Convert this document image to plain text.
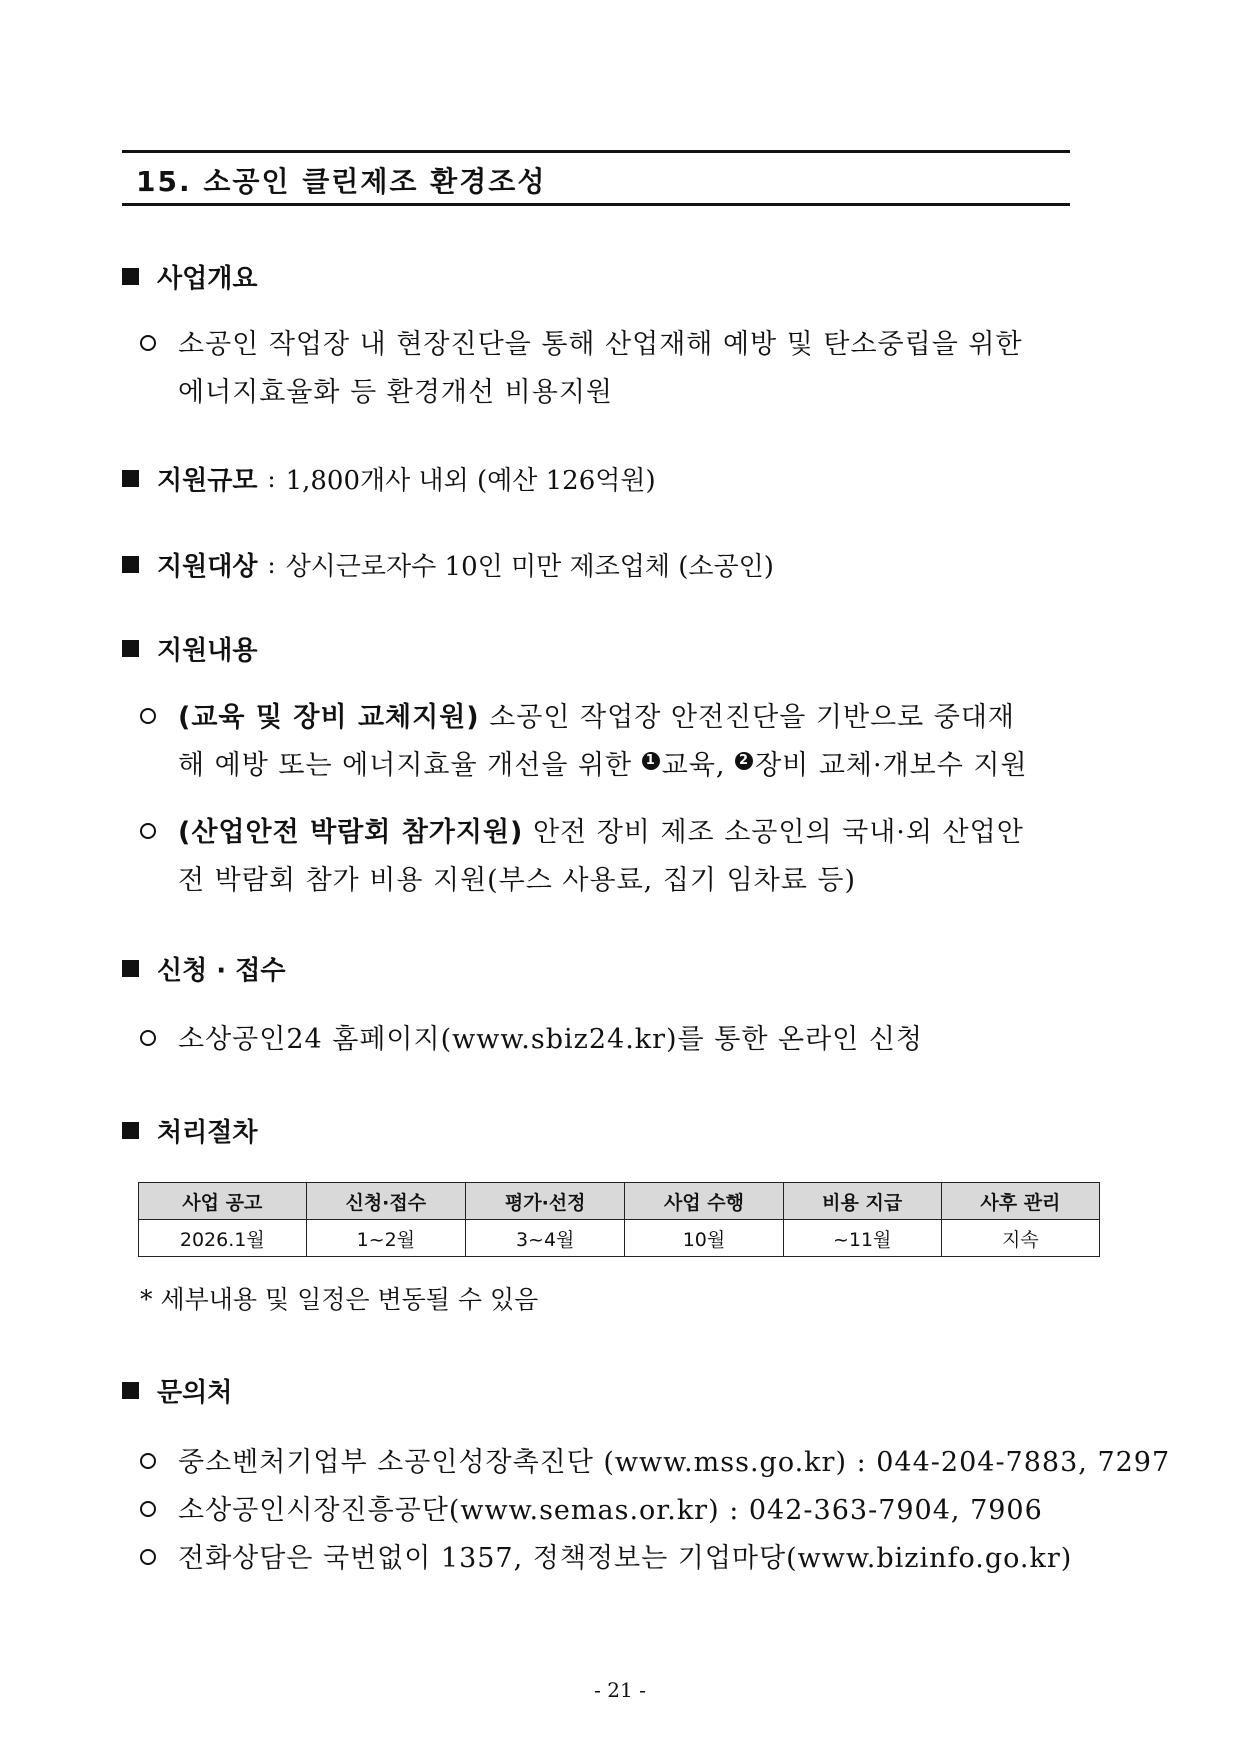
15. 소공인 클린제조 환경조성
사업개요
소공인 작업장 내 현장진단을 통해 산업재해 예방 및 탄소중립을 위한
에너지효율화 등 환경개선 비용지원
지원규모 : 1,800개사 내외 (예산 126억원)
지원대상 : 상시근로자수 10인 미만 제조업체 (소공인)
지원내용
(교육 및 장비 교체지원) 소공인 작업장 안전진단을 기반으로 중대재
해 예방 또는 에너지효율 개선을 위한 1 교육, 2 장비 교체·개보수 지원
(산업안전 박람회 참가지원) 안전 장비 제조 소공인의 국내·외 산업안
전 박람회 참가 비용 지원(부스 사용료, 집기 임차료 등)
신청 · 접수
소상공인24 홈페이지(www.sbiz24.kr)를 통한 온라인 신청
처리절차
사업 공고	신청·접수	평가·선정	사업 수행	비용 지급	사후 관리
2026.1월	1~2월	3~4월	10월	~11월	지속
* 세부내용 및 일정은 변동될 수 있음
문의처
중소벤처기업부 소공인성장촉진단 (www.mss.go.kr) : 044-204-7883, 7297
소상공인시장진흥공단(www.semas.or.kr) : 042-363-7904, 7906
전화상담은 국번없이 1357, 정책정보는 기업마당(www.bizinfo.go.kr)
- 21 -
